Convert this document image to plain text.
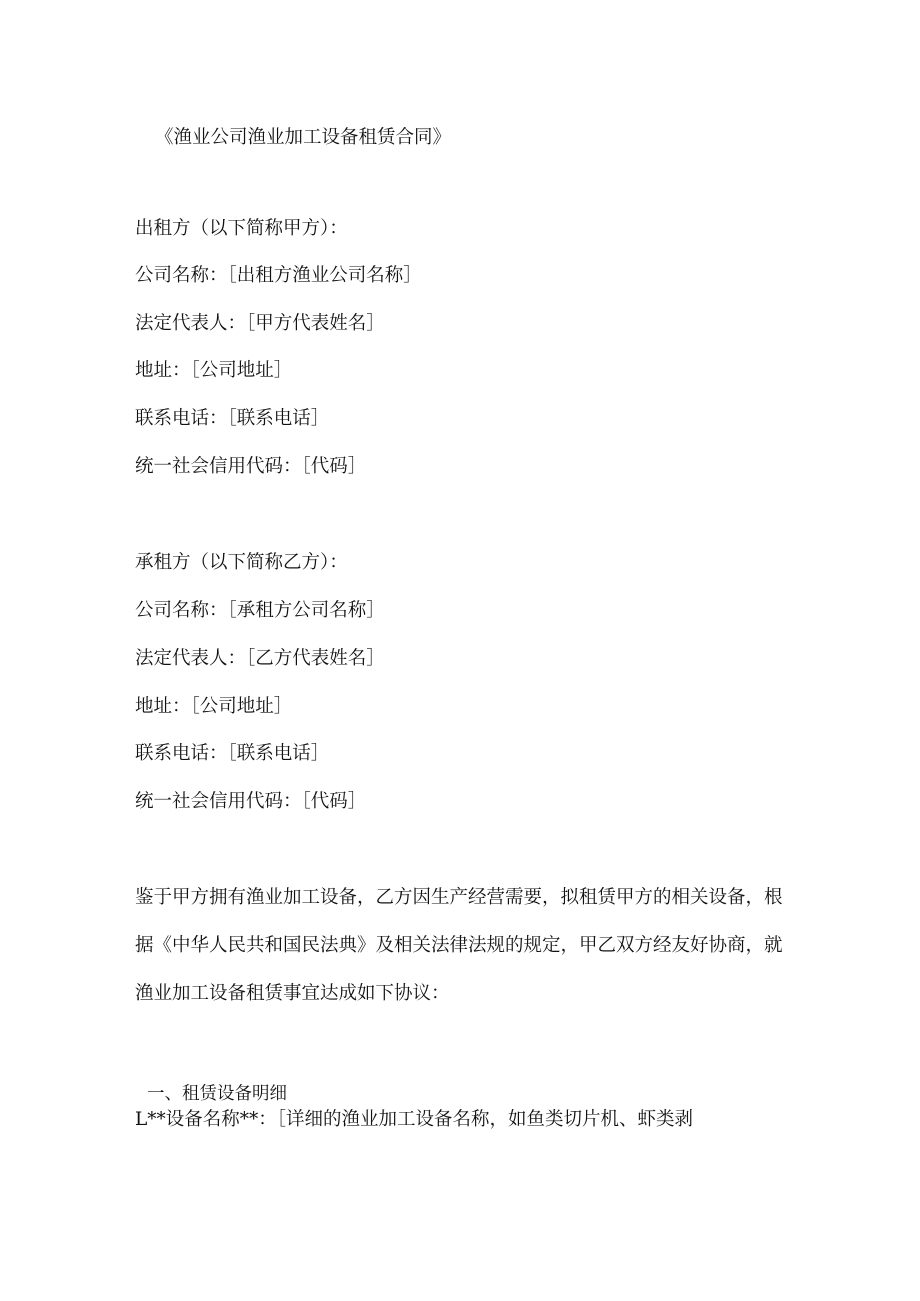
《渔业公司渔业加工设备租赁合同》

出租方（以下简称甲方）：

公司名称：［出租方渔业公司名称］

法定代表人：［甲方代表姓名］

地址：［公司地址］

联系电话：［联系电话］

统一社会信用代码：［代码］

承租方（以下简称乙方）：

公司名称：［承租方公司名称］

法定代表人：［乙方代表姓名］

地址：［公司地址］

联系电话：［联系电话］

统一社会信用代码：［代码］

鉴于甲方拥有渔业加工设备，乙方因生产经营需要，拟租赁甲方的相关设备，根

据《中华人民共和国民法典》及相关法律法规的规定，甲乙双方经友好协商，就

渔业加工设备租赁事宜达成如下协议：

一、租赁设备明细

L**设备名称**：［详细的渔业加工设备名称，如鱼类切片机、虾类剥
